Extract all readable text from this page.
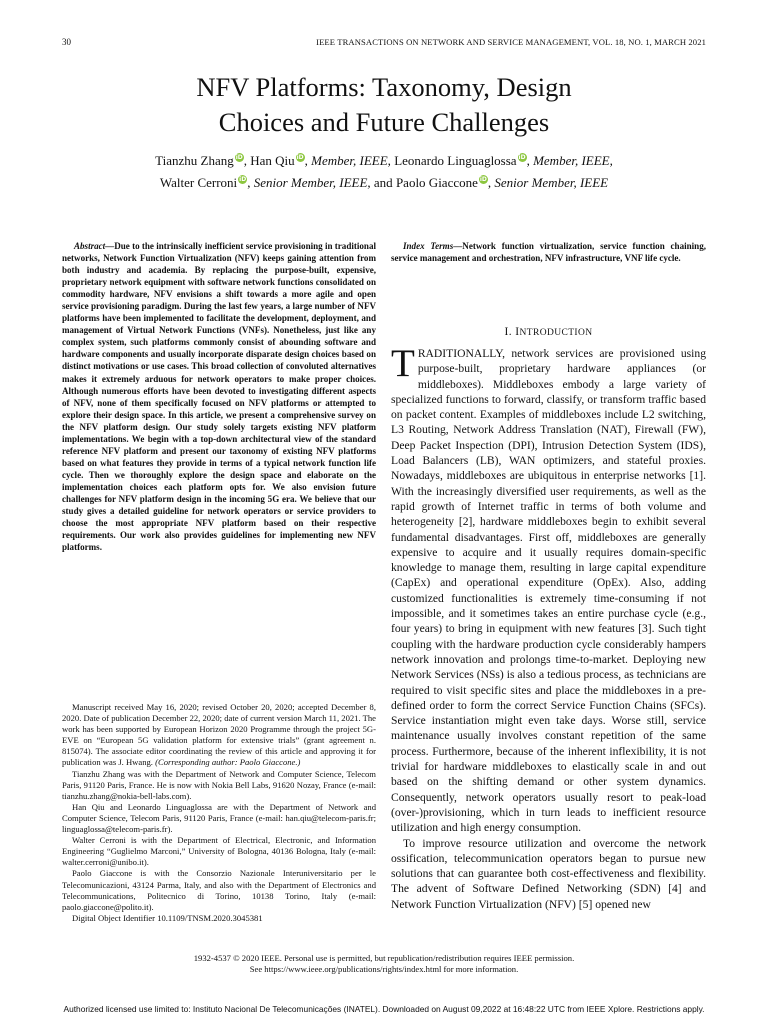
30	IEEE TRANSACTIONS ON NETWORK AND SERVICE MANAGEMENT, VOL. 18, NO. 1, MARCH 2021
NFV Platforms: Taxonomy, Design
Choices and Future Challenges
Tianzhu Zhang iD, Han Qiu iD, Member, IEEE, Leonardo Linguaglossa iD, Member, IEEE,
Walter Cerroni iD, Senior Member, IEEE, and Paolo Giaccone iD, Senior Member, IEEE
Abstract—Due to the intrinsically inefficient service provisioning in traditional networks, Network Function Virtualization (NFV) keeps gaining attention from both industry and academia. By replacing the purpose-built, expensive, proprietary network equipment with software network functions consolidated on commodity hardware, NFV envisions a shift towards a more agile and open service provisioning paradigm. During the last few years, a large number of NFV platforms have been implemented to facilitate the development, deployment, and management of Virtual Network Functions (VNFs). Nonetheless, just like any complex system, such platforms commonly consist of abounding software and hardware components and usually incorporate disparate design choices based on distinct motivations or use cases. This broad collection of convoluted alternatives makes it extremely arduous for network operators to make proper choices. Although numerous efforts have been devoted to investigating different aspects of NFV, none of them specifically focused on NFV platforms or attempted to explore their design space. In this article, we present a comprehensive survey on the NFV platform design. Our study solely targets existing NFV platform implementations. We begin with a top-down architectural view of the standard reference NFV platform and present our taxonomy of existing NFV platforms based on what features they provide in terms of a typical network function life cycle. Then we thoroughly explore the design space and elaborate on the implementation choices each platform opts for. We also envision future challenges for NFV platform design in the incoming 5G era. We believe that our study gives a detailed guideline for network operators or service providers to choose the most appropriate NFV platform based on their respective requirements. Our work also provides guidelines for implementing new NFV platforms.

Manuscript received May 16, 2020; revised October 20, 2020; accepted December 8, 2020. Date of publication December 22, 2020; date of current version March 11, 2021. The work has been supported by European Horizon 2020 Programme through the project 5G-EVE on “European 5G validation platform for extensive trials” (grant agreement n. 815074). The associate editor coordinating the review of this article and approving it for publication was J. Hwang. (Corresponding author: Paolo Giaccone.)

Tianzhu Zhang was with the Department of Network and Computer Science, Telecom Paris, 91120 Paris, France. He is now with Nokia Bell Labs, 91620 Nozay, France (e-mail: tianzhu.zhang@nokia-bell-labs.com).

Han Qiu and Leonardo Linguaglossa are with the Department of Network and Computer Science, Telecom Paris, 91120 Paris, France (e-mail: han.qiu@telecom-paris.fr; linguaglossa@telecom-paris.fr).

Walter Cerroni is with the Department of Electrical, Electronic, and Information Engineering “Guglielmo Marconi,” University of Bologna, 40136 Bologna, Italy (e-mail: walter.cerroni@unibo.it).

Paolo Giaccone is with the Consorzio Nazionale Interuniversitario per le Telecomunicazioni, 43124 Parma, Italy, and also with the Department of Electronics and Telecommunications, Politecnico di Torino, 10138 Torino, Italy (e-mail: paolo.giaccone@polito.it).

Digital Object Identifier 10.1109/TNSM.2020.3045381

Index Terms—Network function virtualization, service function chaining, service management and orchestration, NFV infrastructure, VNF life cycle.
I. INTRODUCTION

TRADITIONALLY, network services are provisioned using purpose-built, proprietary hardware appliances (or middleboxes). Middleboxes embody a large variety of specialized functions to forward, classify, or transform traffic based on packet content. Examples of middleboxes include L2 switching, L3 Routing, Network Address Translation (NAT), Firewall (FW), Deep Packet Inspection (DPI), Intrusion Detection System (IDS), Load Balancers (LB), WAN optimizers, and stateful proxies. Nowadays, middleboxes are ubiquitous in enterprise networks [1]. With the increasingly diversified user requirements, as well as the rapid growth of Internet traffic in terms of both volume and heterogeneity [2], hardware middleboxes begin to exhibit several fundamental disadvantages. First off, middleboxes are generally expensive to acquire and it usually requires domain-specific knowledge to manage them, resulting in large capital expenditure (CapEx) and operational expenditure (OpEx). Also, adding customized functionalities is extremely time-consuming if not impossible, and it sometimes takes an entire purchase cycle (e.g., four years) to bring in equipment with new features [3]. Such tight coupling with the hardware production cycle considerably hampers network innovation and prolongs time-to-market. Deploying new Network Services (NSs) is also a tedious process, as technicians are required to visit specific sites and place the middleboxes in a pre-defined order to form the correct Service Function Chains (SFCs). Service instantiation might even take days. Worse still, service maintenance usually involves constant repetition of the same process. Furthermore, because of the inherent inflexibility, it is not trivial for hardware middleboxes to elastically scale in and out based on the shifting demand or other system dynamics. Consequently, network operators usually resort to peak-load (over-)provisioning, which in turn leads to inefficient resource utilization and high energy consumption.

To improve resource utilization and overcome the network ossification, telecommunication operators began to pursue new solutions that can guarantee both cost-effectiveness and flexibility. The advent of Software Defined Networking (SDN) [4] and Network Function Virtualization (NFV) [5] opened new

1932-4537 © 2020 IEEE. Personal use is permitted, but republication/redistribution requires IEEE permission.
See https://www.ieee.org/publications/rights/index.html for more information.
Authorized licensed use limited to: Instituto Nacional De Telecomunicações (INATEL). Downloaded on August 09,2022 at 16:48:22 UTC from IEEE Xplore. Restrictions apply.
